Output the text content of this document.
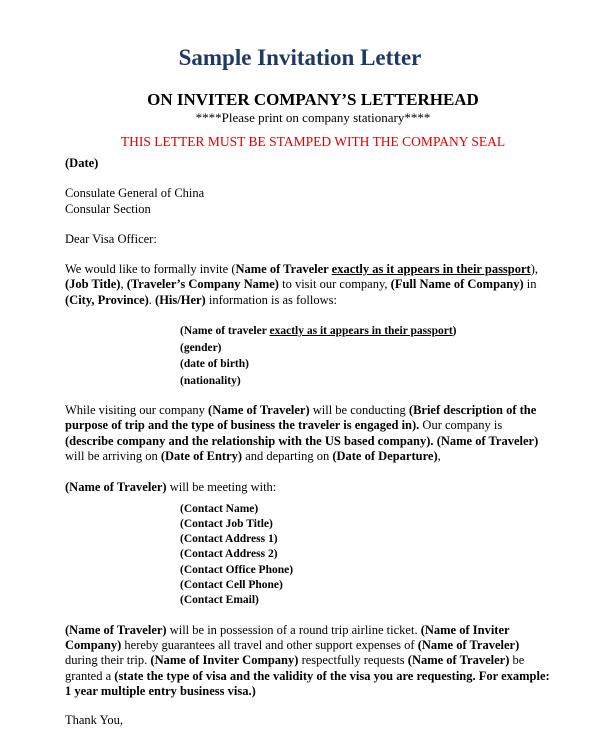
Sample Invitation Letter
ON INVITER COMPANY’S LETTERHEAD
****Please print on company stationary****
THIS LETTER MUST BE STAMPED WITH THE COMPANY SEAL

(Date)

Consulate General of China

Consular Section

Dear Visa Officer:

We would like to formally invite (Name of Traveler exactly as it appears in their passport),
(Job Title), (Traveler’s Company Name) to visit our company, (Full Name of Company) in
(City, Province). (His/Her) information is as follows:

(Name of traveler exactly as it appears in their passport)

(gender)

(date of birth)

(nationality)

While visiting our company (Name of Traveler) will be conducting (Brief description of the
purpose of trip and the type of business the traveler is engaged in). Our company is
(describe company and the relationship with the US based company). (Name of Traveler)
will be arriving on (Date of Entry) and departing on (Date of Departure),

(Name of Traveler) will be meeting with:

(Contact Name)

(Contact Job Title)

(Contact Address 1)

(Contact Address 2)

(Contact Office Phone)

(Contact Cell Phone)

(Contact Email)

(Name of Traveler) will be in possession of a round trip airline ticket. (Name of Inviter
Company) hereby guarantees all travel and other support expenses of (Name of Traveler)
during their trip. (Name of Inviter Company) respectfully requests (Name of Traveler) be
granted a (state the type of visa and the validity of the visa you are requesting. For example:
1 year multiple entry business visa.)

Thank You,
